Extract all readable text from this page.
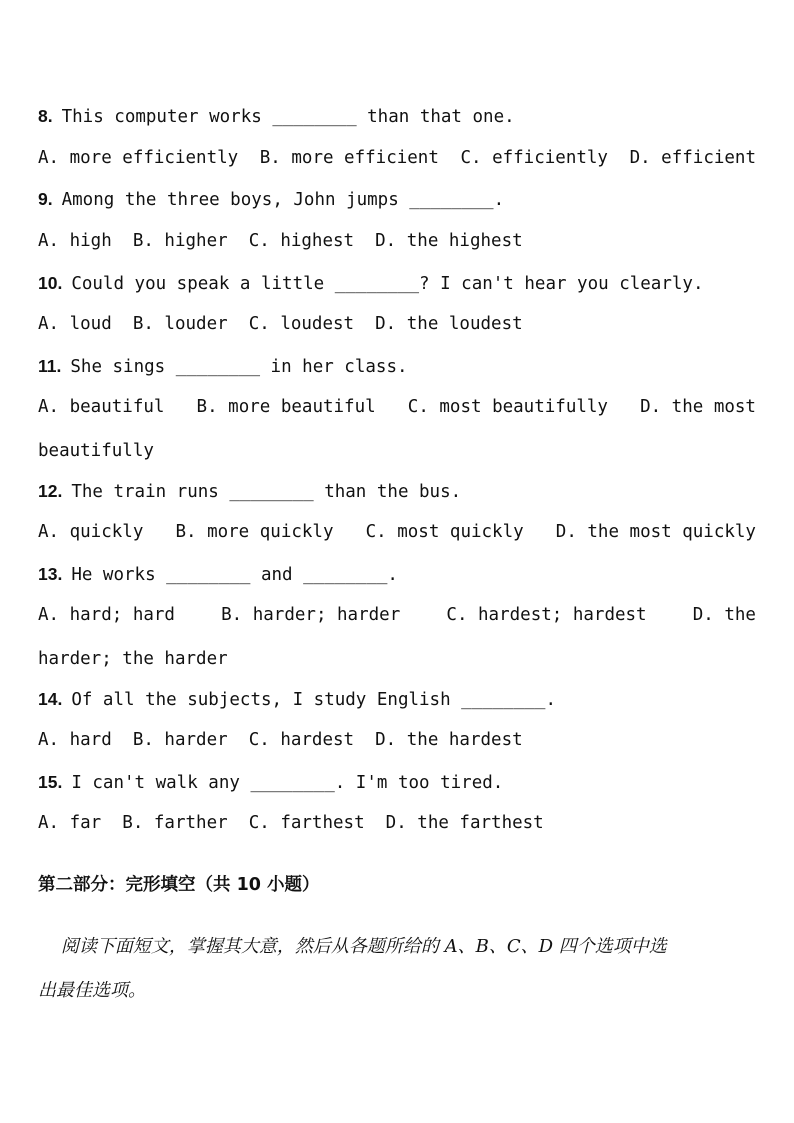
8. This computer works ________ than that one.
A. more efficiently B. more efficient C. efficiently D. efficient
9. Among the three boys, John jumps ________.
A. high  B. higher  C. highest  D. the highest
10. Could you speak a little ________? I can't hear you clearly.
A. loud  B. louder  C. loudest  D. the loudest
11. She sings ________ in her class.
A. beautiful B. more beautiful C. most beautifully D. the most
beautifully
12. The train runs ________ than the bus.
A. quickly B. more quickly C. most quickly D. the most quickly
13. He works ________ and ________.
A. hard; hard	B. harder; harder	C. hardest; hardest	D. the
harder; the harder
14. Of all the subjects, I study English ________.
A. hard  B. harder  C. hardest  D. the hardest
15. I can't walk any ________. I'm too tired.
A. far  B. farther  C. farthest  D. the farthest
第二部分：完形填空（共 10 小题）
阅读下面短文，掌握其大意，然后从各题所给的 A、B、C、D 四个选项中选
出最佳选项。
